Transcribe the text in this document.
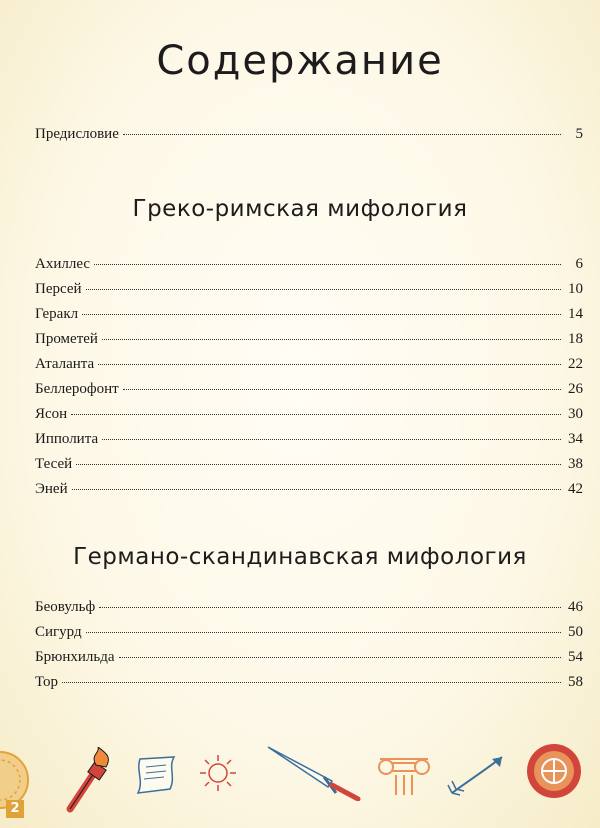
Содержание
Предисловие	5
Греко-римская мифология
Ахиллес	6
Персей	10
Геракл	14
Прометей	18
Аталанта	22
Беллерофонт	26
Ясон	30
Ипполита	34
Тесей	38
Эней	42
Германо-скандинавская мифология
Беовульф	46
Сигурд	50
Брюнхильда	54
Тор	58
2
